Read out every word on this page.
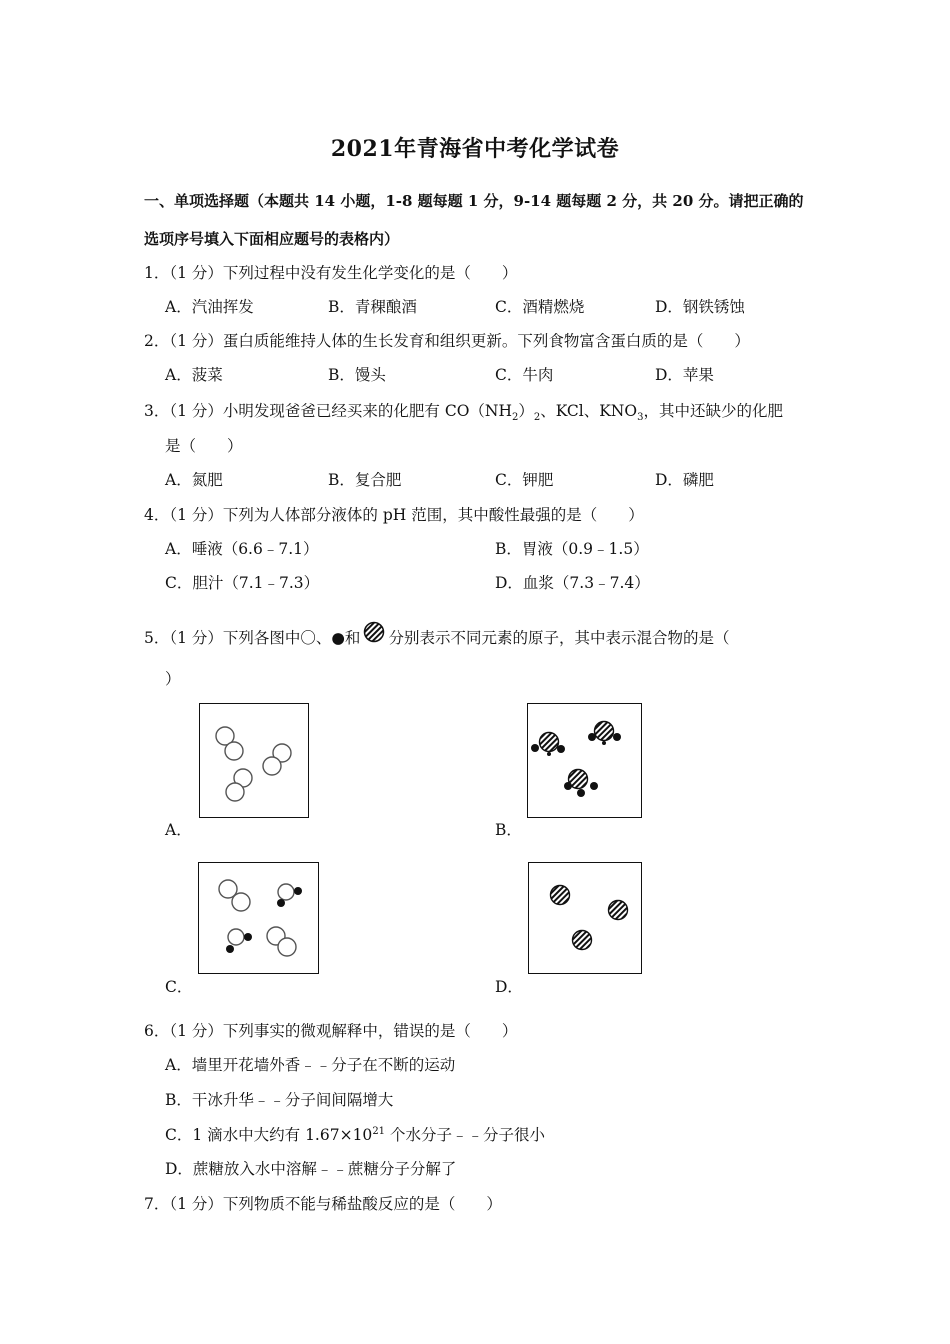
2021年青海省中考化学试卷
一、单项选择题（本题共 14 小题，1-8 题每题 1 分，9-14 题每题 2 分，共 20 分。请把正确的
选项序号填入下面相应题号的表格内）
1．（1 分）下列过程中没有发生化学变化的是（　　）
A．汽油挥发	B．青稞酿酒	C．酒精燃烧	D．钢铁锈蚀
2．（1 分）蛋白质能维持人体的生长发育和组织更新。下列食物富含蛋白质的是（　　）
A．菠菜	B．馒头	C．牛肉	D．苹果
3．（1 分）小明发现爸爸已经买来的化肥有 $CO(NH_2)_2$、KCl、$KNO_3$，其中还缺少的化肥
是（　　）
A．氮肥	B．复合肥	C．钾肥	D．磷肥
4．（1 分）下列为人体部分液体的 pH 范围，其中酸性最强的是（　　）
A．唾液（6.6﹣7.1）	B．胃液（0.9﹣1.5）
C．胆汁（7.1﹣7.3）	D．血浆（7.3﹣7.4）
5．（1 分）下列各图中〇、●和 分别表示不同元素的原子，其中表示混合物的是（
）
A．	B．
C．	D．
6．（1 分）下列事实的微观解释中，错误的是（　　）
A．墙里开花墙外香﹣﹣分子在不断的运动
B．干冰升华﹣﹣分子间间隔增大
C．1 滴水中大约有 $1.67\times 10^{21}$ 个水分子﹣﹣分子很小
D．蔗糖放入水中溶解﹣﹣蔗糖分子分解了
7．（1 分）下列物质不能与稀盐酸反应的是（　　）
